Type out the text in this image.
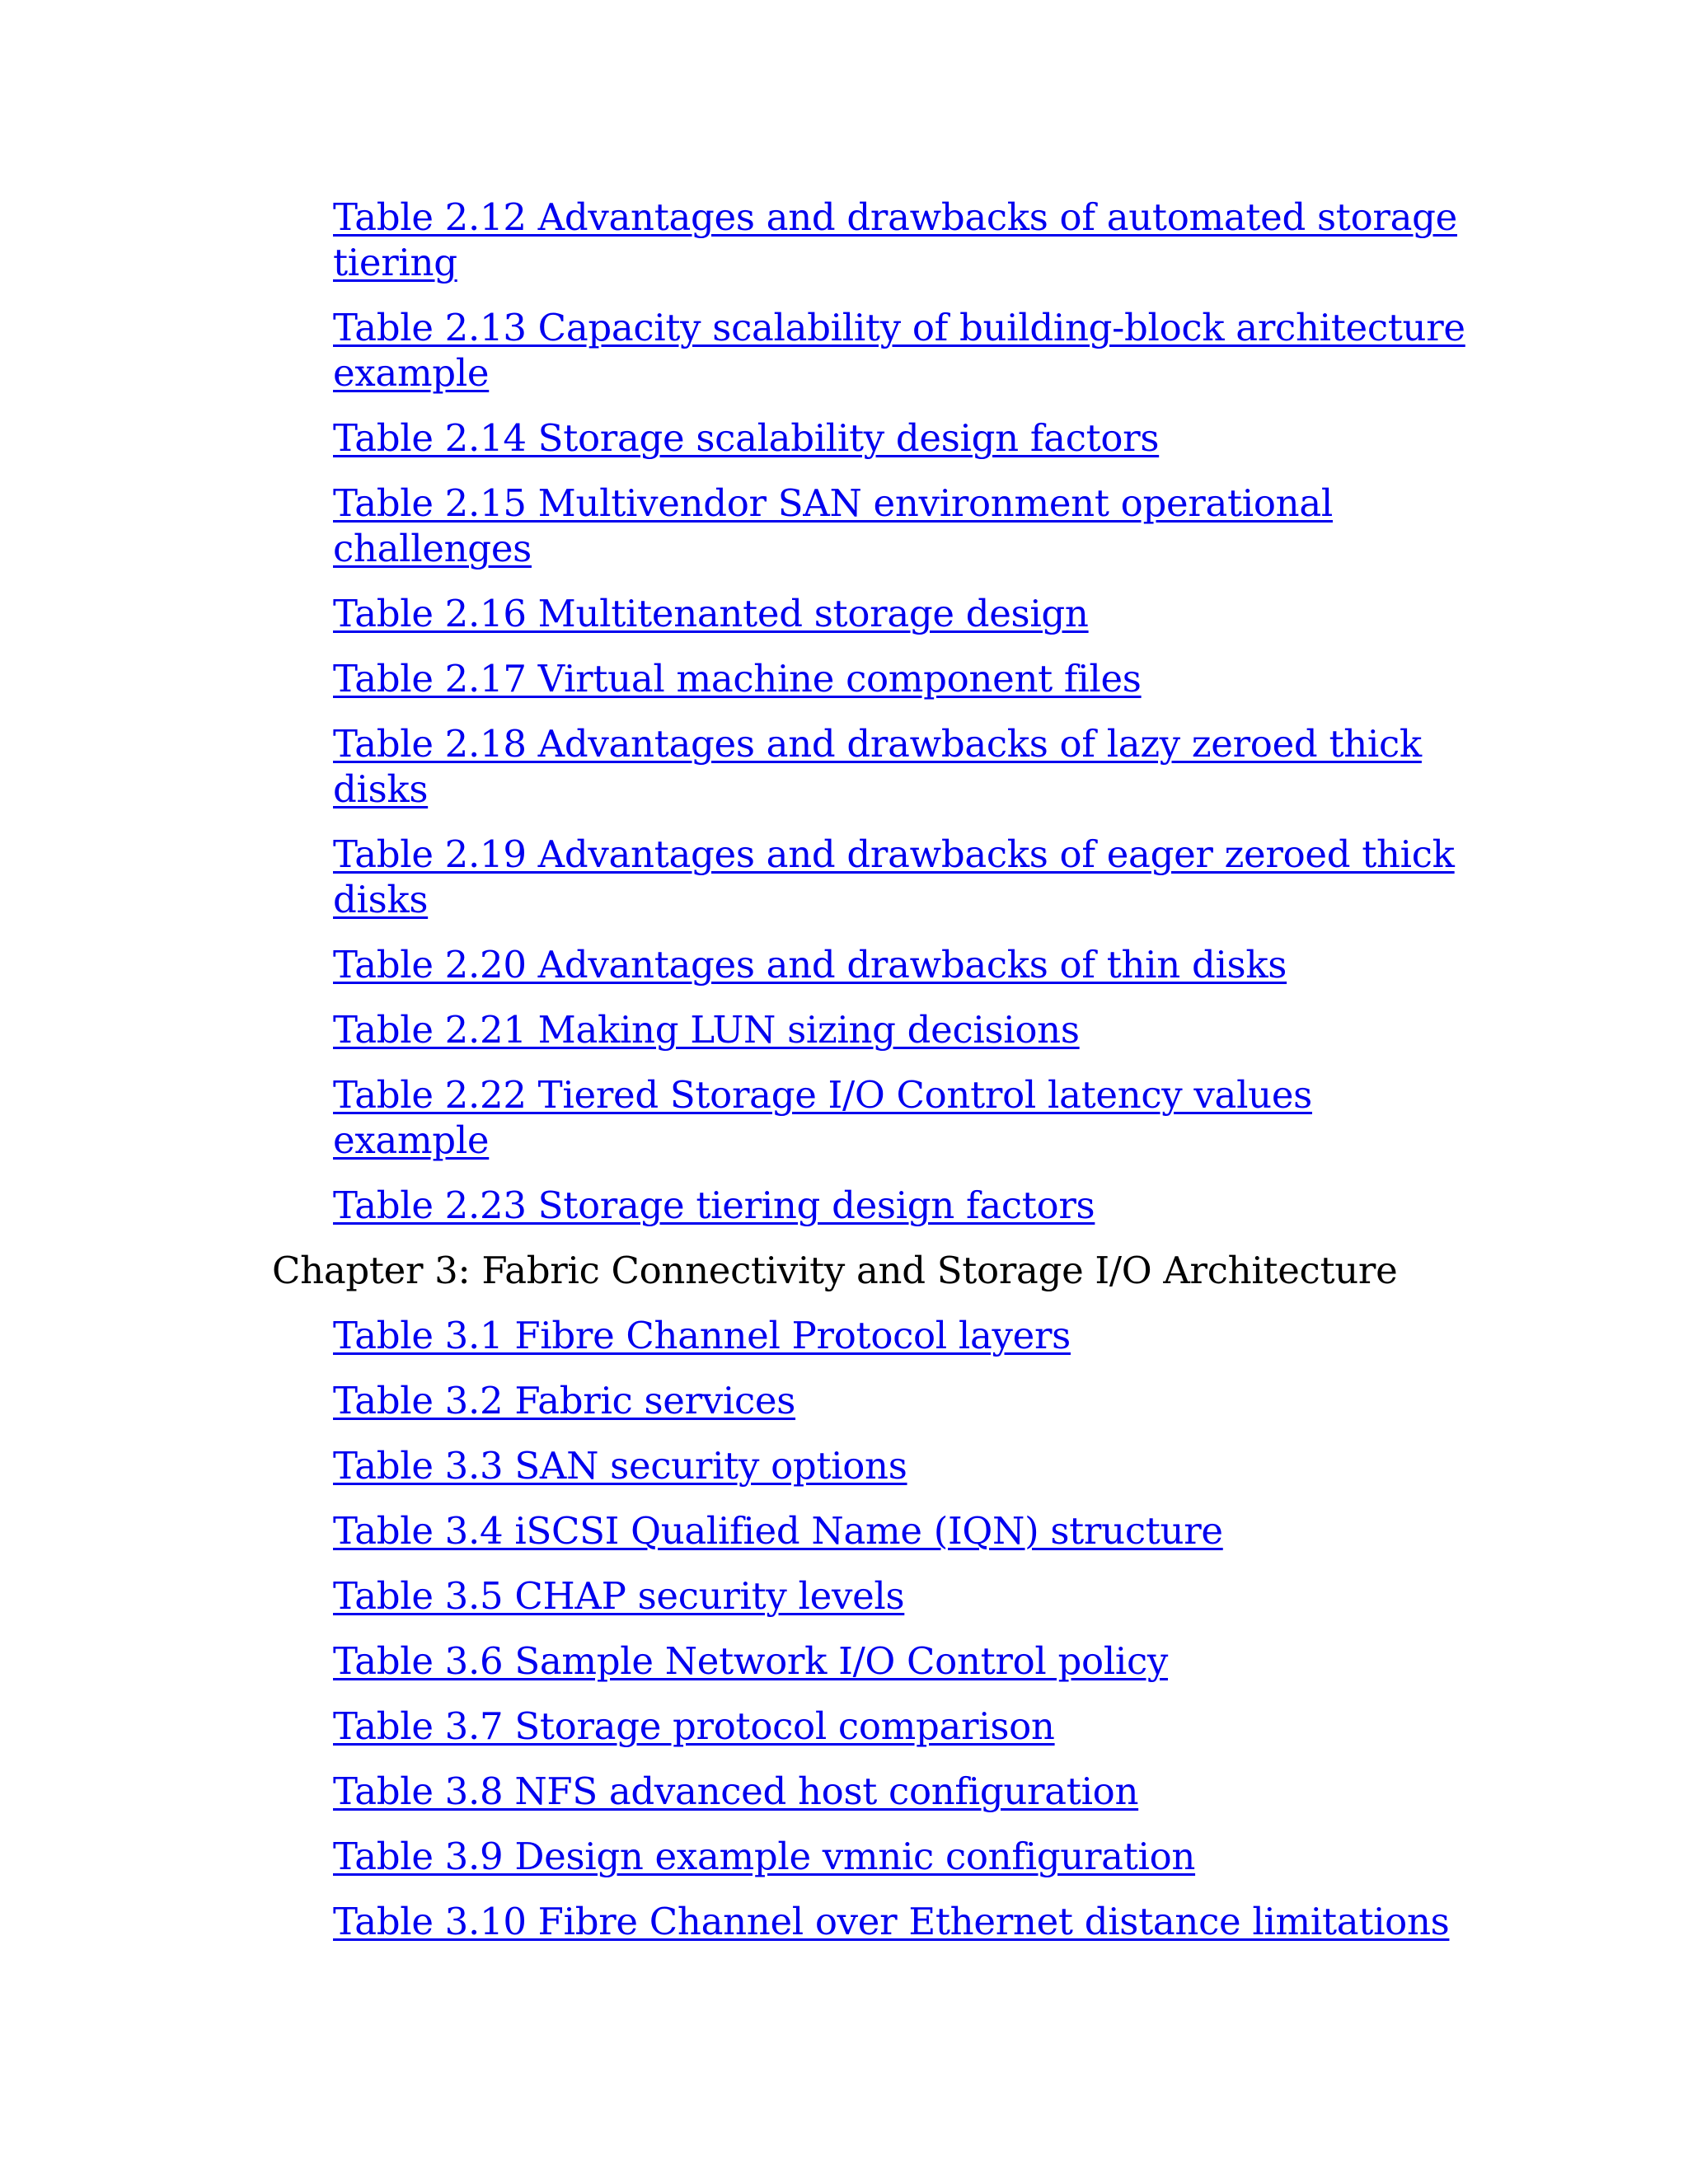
Table 2.12 Advantages and drawbacks of automated storage tiering
Table 2.13 Capacity scalability of building-block architecture example
Table 2.14 Storage scalability design factors
Table 2.15 Multivendor SAN environment operational challenges
Table 2.16 Multitenanted storage design
Table 2.17 Virtual machine component files
Table 2.18 Advantages and drawbacks of lazy zeroed thick disks
Table 2.19 Advantages and drawbacks of eager zeroed thick disks
Table 2.20 Advantages and drawbacks of thin disks
Table 2.21 Making LUN sizing decisions
Table 2.22 Tiered Storage I/O Control latency values example
Table 2.23 Storage tiering design factors
Chapter 3: Fabric Connectivity and Storage I/O Architecture
Table 3.1 Fibre Channel Protocol layers
Table 3.2 Fabric services
Table 3.3 SAN security options
Table 3.4 iSCSI Qualified Name (IQN) structure
Table 3.5 CHAP security levels
Table 3.6 Sample Network I/O Control policy
Table 3.7 Storage protocol comparison
Table 3.8 NFS advanced host configuration
Table 3.9 Design example vmnic configuration
Table 3.10 Fibre Channel over Ethernet distance limitations
